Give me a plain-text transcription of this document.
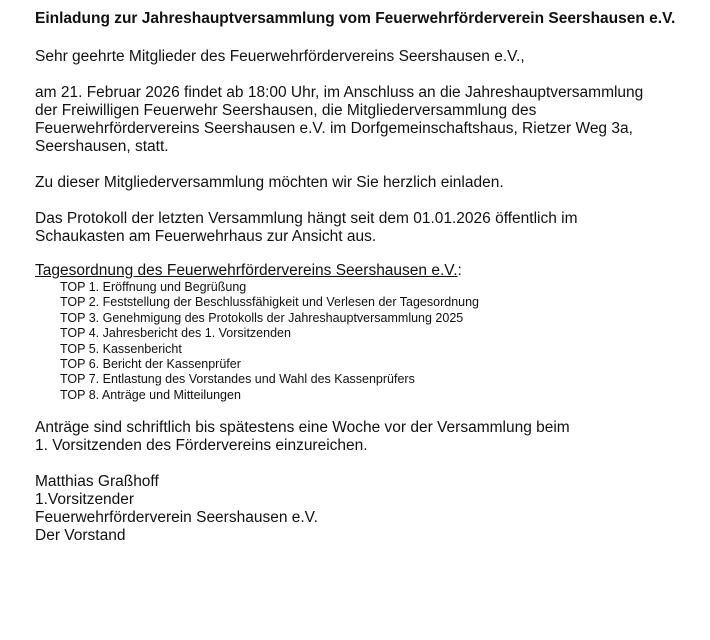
Einladung zur Jahreshauptversammlung vom Feuerwehrförderverein Seershausen e.V.
Sehr geehrte Mitglieder des Feuerwehrfördervereins Seershausen e.V.,
am 21. Februar 2026 findet ab 18:00 Uhr, im Anschluss an die Jahreshauptversammlung
der Freiwilligen Feuerwehr Seershausen, die Mitgliederversammlung des
Feuerwehrfördervereins Seershausen e.V. im Dorfgemeinschaftshaus, Rietzer Weg 3a,
Seershausen, statt.
Zu dieser Mitgliederversammlung möchten wir Sie herzlich einladen.
Das Protokoll der letzten Versammlung hängt seit dem 01.01.2026 öffentlich im
Schaukasten am Feuerwehrhaus zur Ansicht aus.
Tagesordnung des Feuerwehrfördervereins Seershausen e.V.:
TOP 1. Eröffnung und Begrüßung
TOP 2. Feststellung der Beschlussfähigkeit und Verlesen der Tagesordnung
TOP 3. Genehmigung des Protokolls der Jahreshauptversammlung 2025
TOP 4. Jahresbericht des 1. Vorsitzenden
TOP 5. Kassenbericht
TOP 6. Bericht der Kassenprüfer
TOP 7. Entlastung des Vorstandes und Wahl des Kassenprüfers
TOP 8. Anträge und Mitteilungen
Anträge sind schriftlich bis spätestens eine Woche vor der Versammlung beim
1. Vorsitzenden des Fördervereins einzureichen.
Matthias Graßhoff
1.Vorsitzender
Feuerwehrförderverein Seershausen e.V.
Der Vorstand
